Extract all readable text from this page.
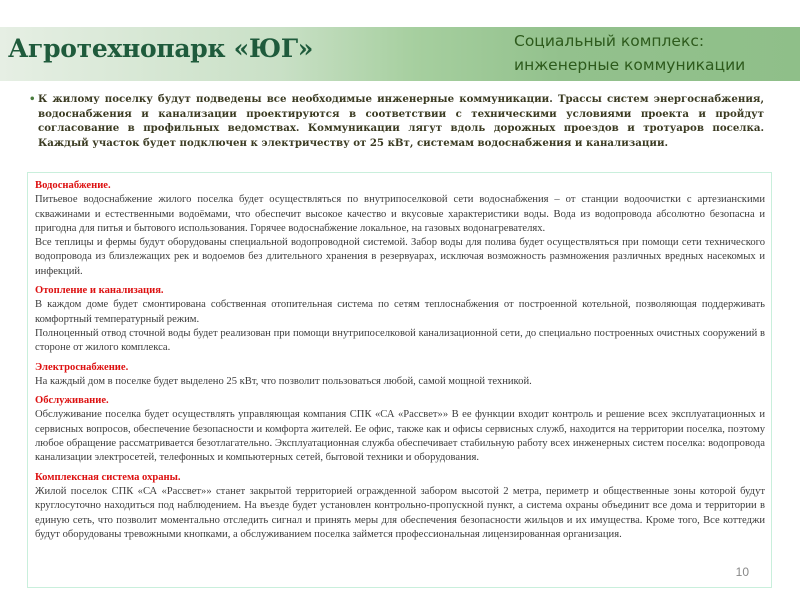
Агротехнопарк «ЮГ»	Социальный комплекс:
инженерные коммуникации
• К жилому поселку будут подведены все необходимые инженерные коммуникации. Трассы систем энергоснабжения, водоснабжения и канализации проектируются в соответствии с техническими условиями проекта и пройдут согласование в профильных ведомствах. Коммуникации лягут вдоль дорожных проездов и тротуаров поселка. Каждый участок будет подключен к электричеству от 25 кВт, системам водоснабжения и канализации.
Водоснабжение.

Питьевое водоснабжение жилого поселка будет осуществляться по внутрипоселковой сети водоснабжения – от станции водоочистки с артезианскими скважинами и естественными водоёмами, что обеспечит высокое качество и вкусовые характеристики воды. Вода из водопровода абсолютно безопасна и пригодна для питья и бытового использования. Горячее водоснабжение локальное, на газовых водонагревателях.

Все теплицы и фермы будут оборудованы специальной водопроводной системой. Забор воды для полива будет осуществляться при помощи сети технического водопровода из близлежащих рек и водоемов без длительного хранения в резервуарах, исключая возможность размножения различных вредных насекомых и инфекций.

Отопление и канализация.

В каждом доме будет смонтирована собственная отопительная система по сетям теплоснабжения от построенной котельной, позволяющая поддерживать комфортный температурный режим.

Полноценный отвод сточной воды будет реализован при помощи внутрипоселковой канализационной сети, до специально построенных очистных сооружений в стороне от жилого комплекса.

Электроснабжение.

На каждый дом в поселке будет выделено 25 кВт, что позволит пользоваться любой, самой мощной техникой.

Обслуживание.

Обслуживание поселка будет осуществлять управляющая компания СПК «СА «Рассвет»» В ее функции входит контроль и решение всех эксплуатационных и сервисных вопросов, обеспечение безопасности и комфорта жителей. Ее офис, также как и офисы сервисных служб, находится на территории поселка, поэтому любое обращение рассматривается безотлагательно. Эксплуатационная служба обеспечивает стабильную работу всех инженерных систем поселка: водопровода канализации электросетей, телефонных и компьютерных сетей, бытовой техники и оборудования.

Комплексная система охраны.

Жилой поселок СПК «СА «Рассвет»» станет закрытой территорией огражденной забором высотой 2 метра, периметр и общественные зоны которой будут круглосуточно находиться под наблюдением. На въезде будет установлен контрольно-пропускной пункт, а система охраны объединит все дома и территории в единую сеть, что позволит моментально отследить сигнал и принять меры для обеспечения безопасности жильцов и их имущества. Кроме того, Все коттеджи будут оборудованы тревожными кнопками, а обслуживанием поселка займется профессиональная лицензированная организация.

10
